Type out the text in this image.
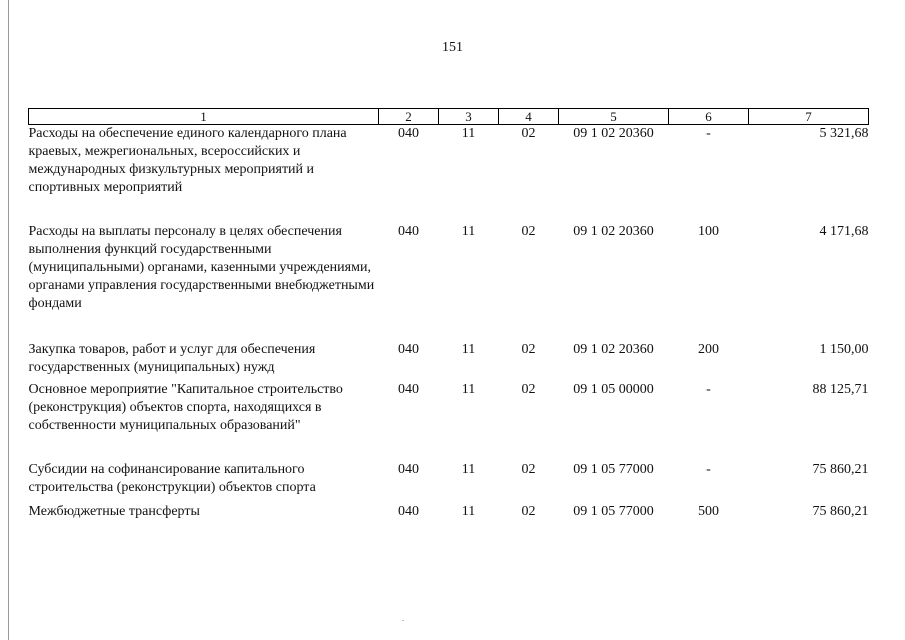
151
1	2	3	4	5	6	7
Расходы на обеспечение единого календарного плана краевых, межрегиональных, всероссийских и международных физкультурных мероприятий и спортивных мероприятий	040	11	02	09 1 02 20360	-	5 321,68
Расходы на выплаты персоналу в целях обеспечения выполнения функций государственными (муниципальными) органами, казенными учреждениями, органами управления государственными внебюджетными фондами	040	11	02	09 1 02 20360	100	4 171,68
Закупка товаров, работ и услуг для обеспечения государственных (муниципальных) нужд	040	11	02	09 1 02 20360	200	1 150,00
Основное мероприятие "Капитальное строительство (реконструкция) объектов спорта, находящихся в собственности муниципальных образований"	040	11	02	09 1 05 00000	-	88 125,71
Субсидии на софинансирование капитального строительства (реконструкции) объектов спорта	040	11	02	09 1 05 77000	-	75 860,21
Межбюджетные трансферты	040	11	02	09 1 05 77000	500	75 860,21
